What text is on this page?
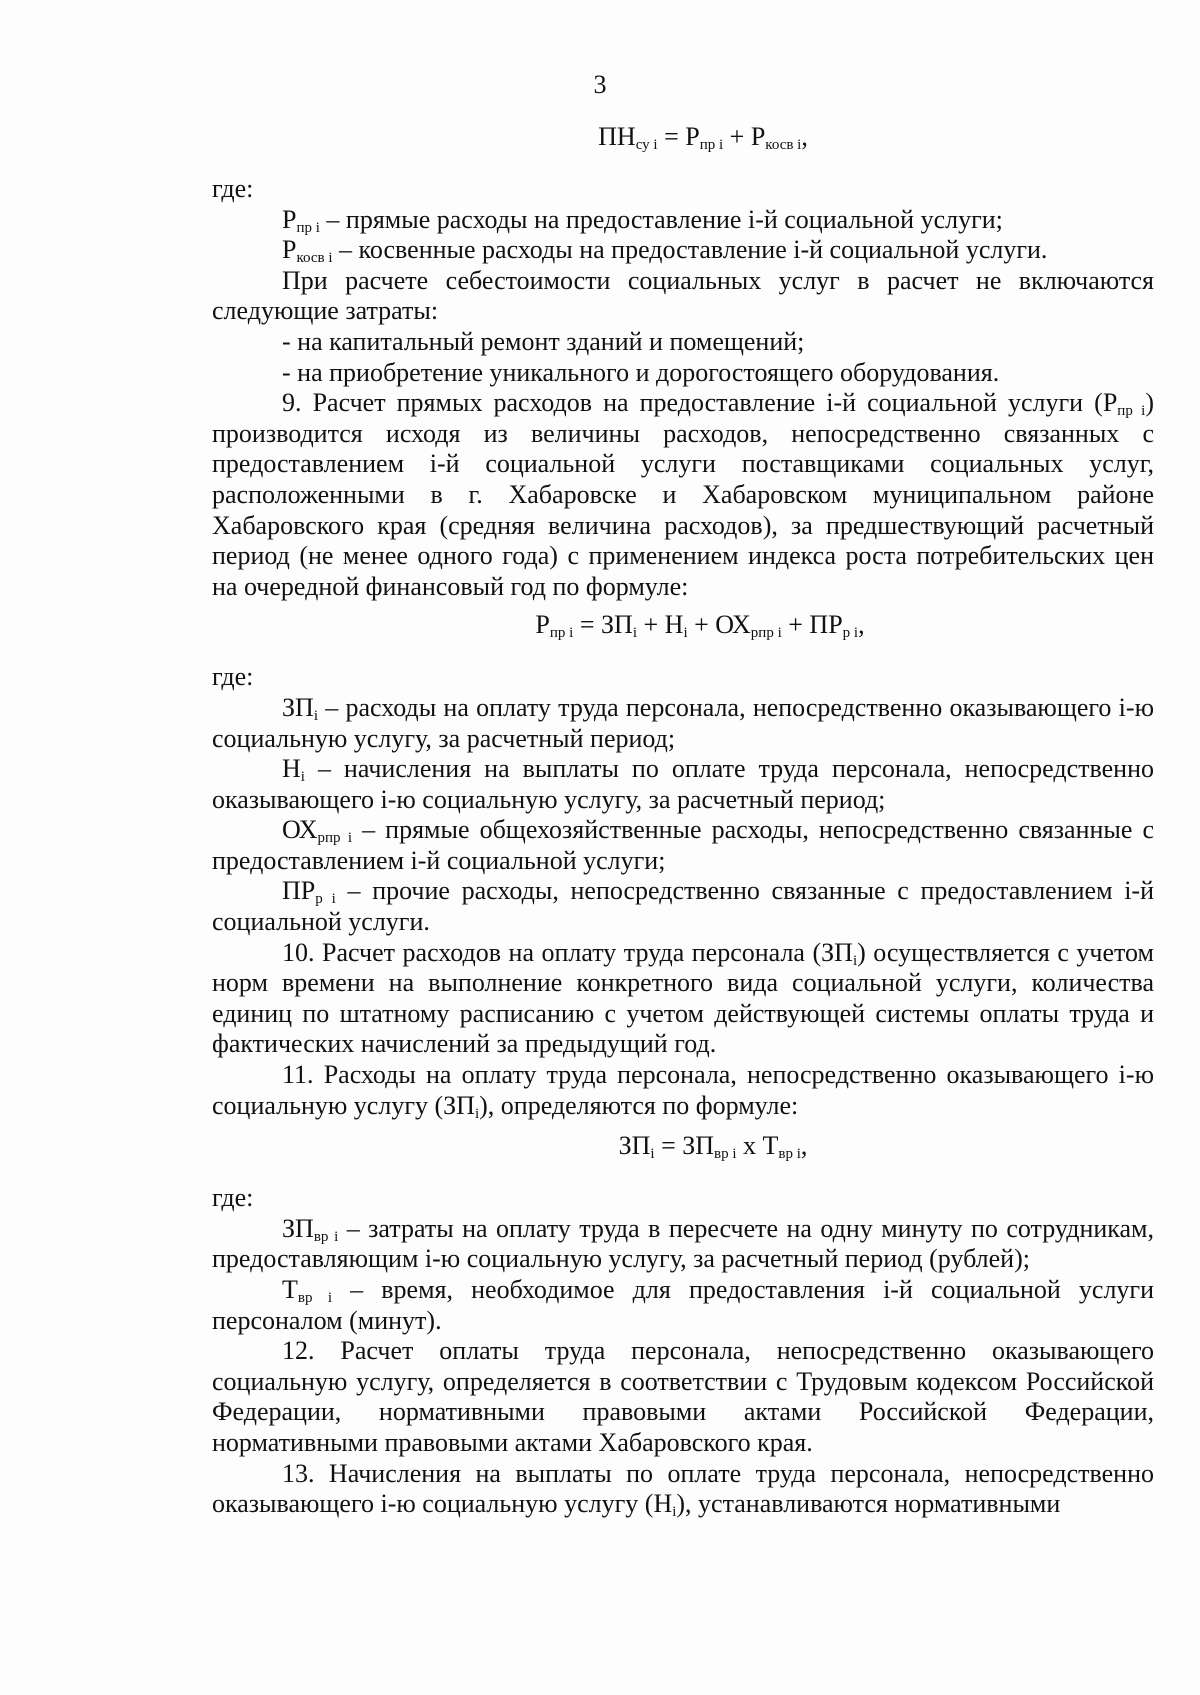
3

$ПН_{су i} = Р_{пр i} + Р_{косв i}$,

где:

$Р_{пр i}$ – прямые расходы на предоставление i-й социальной услуги;

$Р_{косв i}$ – косвенные расходы на предоставление i-й социальной услуги.

При расчете себестоимости социальных услуг в расчет не включаются следующие затраты:

- на капитальный ремонт зданий и помещений;

- на приобретение уникального и дорогостоящего оборудования.

9. Расчет прямых расходов на предоставление i-й социальной услуги $(Р_{пр i})$ производится исходя из величины расходов, непосредственно связанных с предоставлением i-й социальной услуги поставщиками социальных услуг, расположенными в г. Хабаровске и Хабаровском муниципальном районе Хабаровского края (средняя величина расходов), за предшествующий расчетный период (не менее одного года) с применением индекса роста потребительских цен на очередной финансовый год по формуле:

$Р_{пр i} = ЗП_i + Н_i + ОХ_{рпр i} + ПР_{р i}$,

где:

$ЗП_i$ – расходы на оплату труда персонала, непосредственно оказывающего i-ю социальную услугу, за расчетный период;

$Н_i$ – начисления на выплаты по оплате труда персонала, непосредственно оказывающего i-ю социальную услугу, за расчетный период;

$ОХ_{рпр i}$ – прямые общехозяйственные расходы, непосредственно связанные с предоставлением i-й социальной услуги;

$ПР_{р i}$ – прочие расходы, непосредственно связанные с предоставлением i-й социальной услуги.

10. Расчет расходов на оплату труда персонала $(ЗП_i)$ осуществляется с учетом норм времени на выполнение конкретного вида социальной услуги, количества единиц по штатному расписанию с учетом действующей системы оплаты труда и фактических начислений за предыдущий год.

11. Расходы на оплату труда персонала, непосредственно оказывающего i-ю социальную услугу $(ЗП_i)$, определяются по формуле:

$ЗП_i = ЗП_{вр i}$ х $Т_{вр i}$,

где:

$ЗП_{вр i}$ – затраты на оплату труда в пересчете на одну минуту по сотрудникам, предоставляющим i-ю социальную услугу, за расчетный период (рублей);

$Т_{вр i}$ – время, необходимое для предоставления i-й социальной услуги персоналом (минут).

12. Расчет оплаты труда персонала, непосредственно оказывающего социальную услугу, определяется в соответствии с Трудовым кодексом Российской Федерации, нормативными правовыми актами Российской Федерации, нормативными правовыми актами Хабаровского края.

13. Начисления на выплаты по оплате труда персонала, непосредственно оказывающего i-ю социальную услугу $(Н_i)$, устанавливаются нормативными
